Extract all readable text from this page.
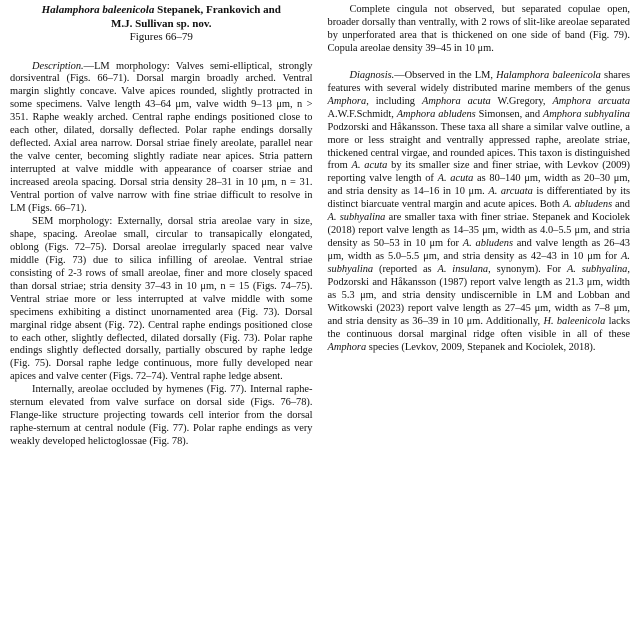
Halamphora baleenicola Stepanek, Frankovich and
M.J. Sullivan sp. nov.
Figures 66–79

Description.—LM morphology: Valves semi-elliptical, strongly dorsiventral (Figs. 66–71). Dorsal margin broadly arched. Ventral margin slightly concave. Valve apices rounded, slightly protracted in some specimens. Valve length 43–64 μm, valve width 9–13 μm, n > 351. Raphe weakly arched. Central raphe endings positioned close to each other, dilated, dorsally deflected. Polar raphe endings dorsally deflected. Axial area narrow. Dorsal striae finely areolate, parallel near the valve center, becoming slightly radiate near apices. Stria pattern interrupted at valve middle with appearance of coarser striae and increased areola spacing. Dorsal stria density 28–31 in 10 μm, n = 31. Ventral portion of valve narrow with fine striae difficult to resolve in LM (Figs. 66–71).

SEM morphology: Externally, dorsal stria areolae vary in size, shape, spacing. Areolae small, circular to transapically elongated, oblong (Figs. 72–75). Dorsal areolae irregularly spaced near valve middle (Fig. 73) due to silica infilling of areolae. Ventral striae consisting of 2-3 rows of small areolae, finer and more closely spaced than dorsal striae; stria density 37–43 in 10 μm, n = 15 (Figs. 74–75). Ventral striae more or less interrupted at valve middle with some specimens exhibiting a distinct unornamented area (Fig. 73). Dorsal marginal ridge absent (Fig. 72). Central raphe endings positioned close to each other, slightly deflected, dilated dorsally (Fig. 73). Polar raphe endings slightly deflected dorsally, partially obscured by raphe ledge (Fig. 75). Dorsal raphe ledge continuous, more fully developed near apices and valve center (Figs. 72–74). Ventral raphe ledge absent.

Internally, areolae occluded by hymenes (Fig. 77). Internal raphe-sternum elevated from valve surface on dorsal side (Figs. 76–78). Flange-like structure projecting towards cell interior from the dorsal raphe-sternum at central nodule (Fig. 77). Polar raphe endings as very weakly developed helictoglossae (Fig. 78).

Complete cingula not observed, but separated copulae open, broader dorsally than ventrally, with 2 rows of slit-like areolae separated by unperforated area that is thickened on one side of band (Fig. 79). Copula areolae density 39–45 in 10 μm.

Diagnosis.—Observed in the LM, Halamphora baleenicola shares features with several widely distributed marine members of the genus Amphora, including Amphora acuta W.Gregory, Amphora arcuata A.W.F.Schmidt, Amphora abludens Simonsen, and Amphora subhyalina Podzorski and Håkansson. These taxa all share a similar valve outline, a more or less straight and ventrally appressed raphe, areolate striae, thickened central virgae, and rounded apices. This taxon is distinguished from A. acuta by its smaller size and finer striae, with Levkov (2009) reporting valve length of A. acuta as 80–140 μm, width as 20–30 μm, and stria density as 14–16 in 10 μm. A. arcuata is differentiated by its distinct biarcuate ventral margin and acute apices. Both A. abludens and A. subhyalina are smaller taxa with finer striae. Stepanek and Kociolek (2018) report valve length as 14–35 μm, width as 4.0–5.5 μm, and stria density as 50–53 in 10 μm for A. abludens and valve length as 26–43 μm, width as 5.0–5.5 μm, and stria density as 42–43 in 10 μm for A. subhyalina (reported as A. insulana, synonym). For A. subhyalina, Podzorski and Håkansson (1987) report valve length as 21.3 μm, width as 5.3 μm, and stria density undiscernible in LM and Lobban and Witkowski (2023) report valve length as 27–45 μm, width as 7–8 μm, and stria density as 36–39 in 10 μm. Additionally, H. baleenicola lacks the continuous dorsal marginal ridge often visible in all of these Amphora species (Levkov, 2009, Stepanek and Kociolek, 2018).
